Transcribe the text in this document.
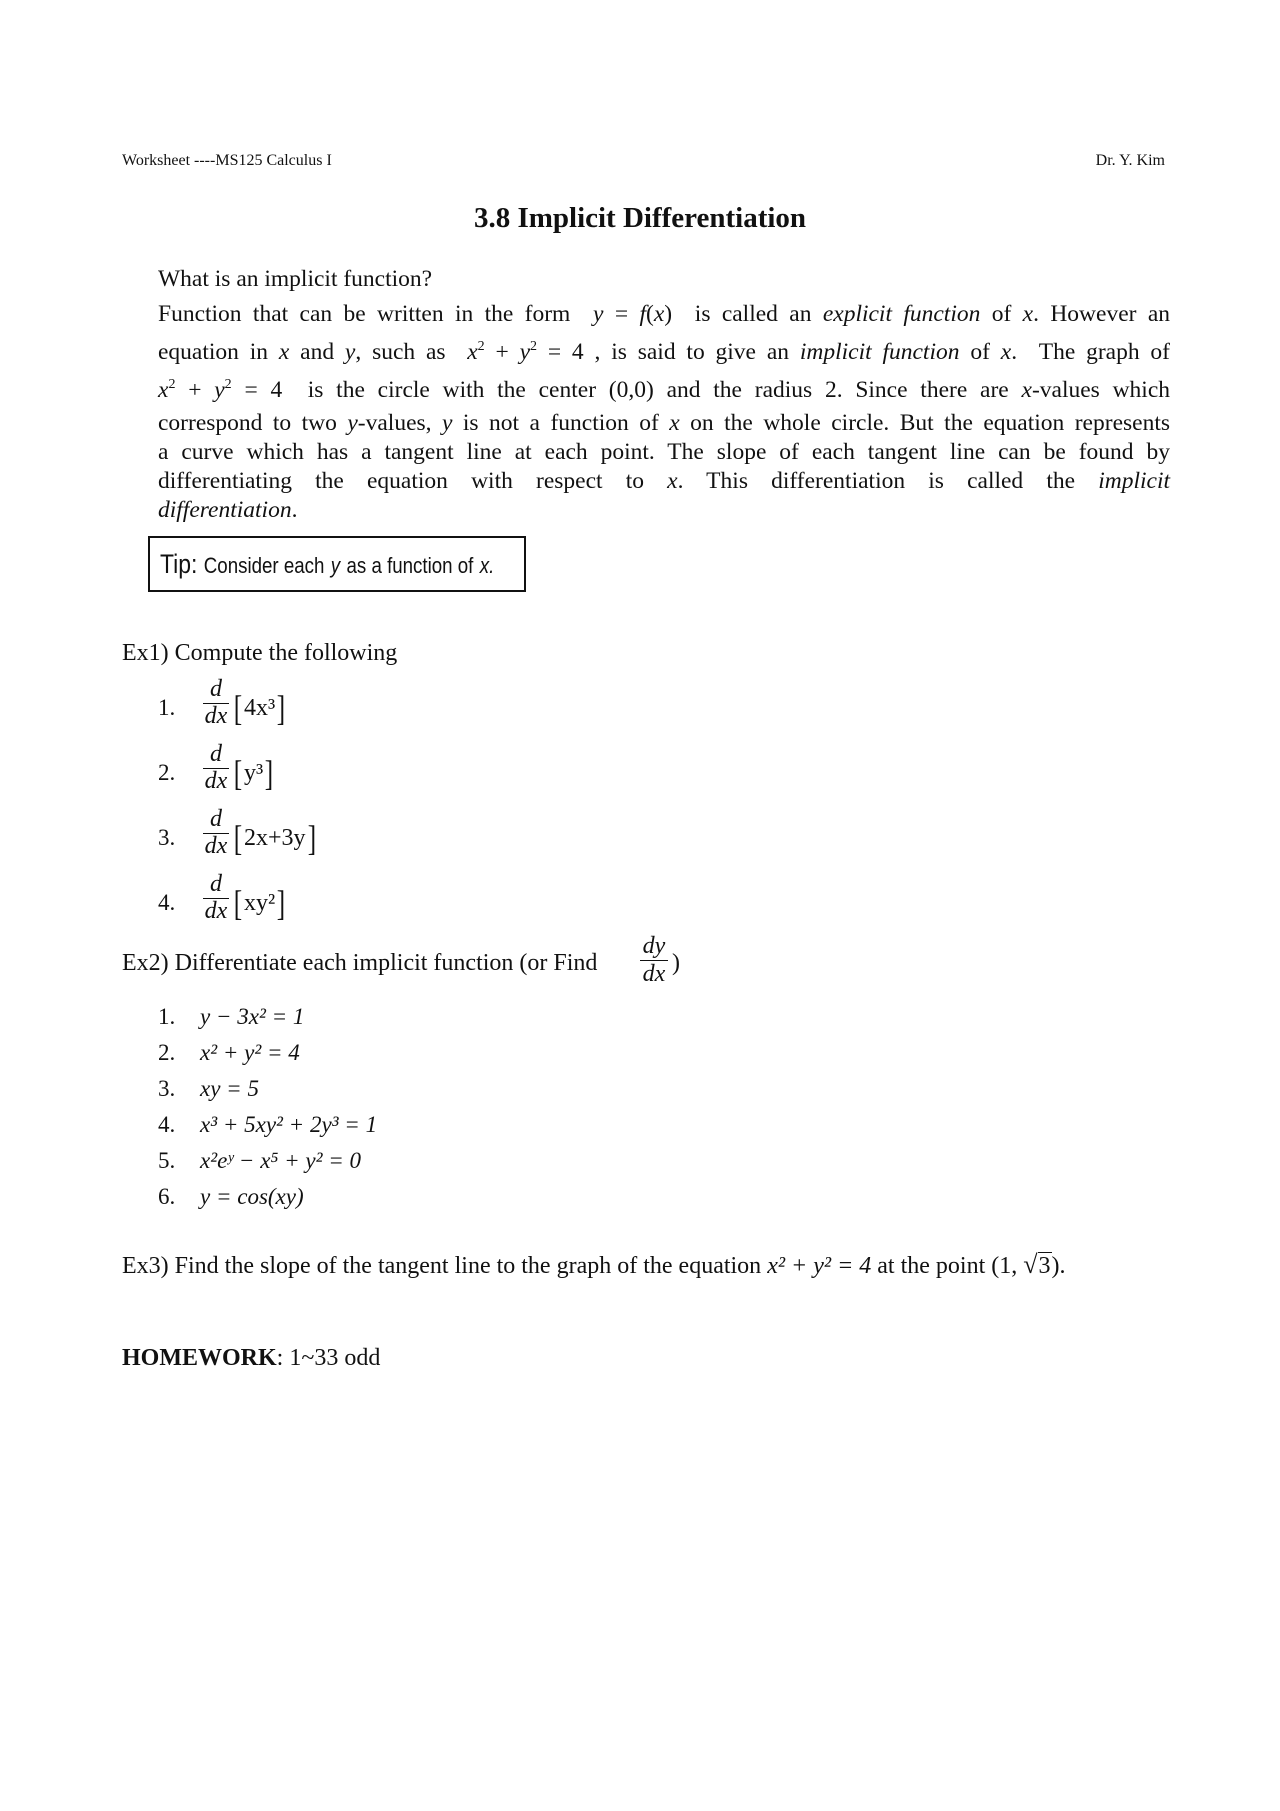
Worksheet ----MS125 Calculus I	Dr. Y. Kim
3.8 Implicit Differentiation
What is an implicit function?
Function that can be written in the form  y = f(x)  is called an explicit function of x. However an
equation in x and y, such as  $x^2 + y^2 = 4$ , is said to give an implicit function of x.  The graph of
$x^2 + y^2 = 4$  is the circle with the center (0,0) and the radius 2. Since there are x-values which
correspond to two y-values, y is not a function of x on the whole circle. But the equation represents
a curve which has a tangent line at each point. The slope of each tangent line can be found by
differentiating the equation with respect to x. This differentiation is called the implicit
differentiation.
Tip: Consider each y as a function of x.
Ex1) Compute the following
1.
d
dx [4x³]
2.
d
dx [y³]
3.
d
dx [2x+3y]
4.
d
dx [xy²]
Ex2) Differentiate each implicit function (or Find
dy
dx )
1. y − 3x² = 1
2. x² + y² = 4
3. xy = 5
4. x³ + 5xy² + 2y³ = 1
5. x²eʸ − x⁵ + y² = 0
6. y = cos(xy)
Ex3) Find the slope of the tangent line to the graph of the equation x² + y² = 4 at the point (1, √3).
HOMEWORK: 1~33 odd
